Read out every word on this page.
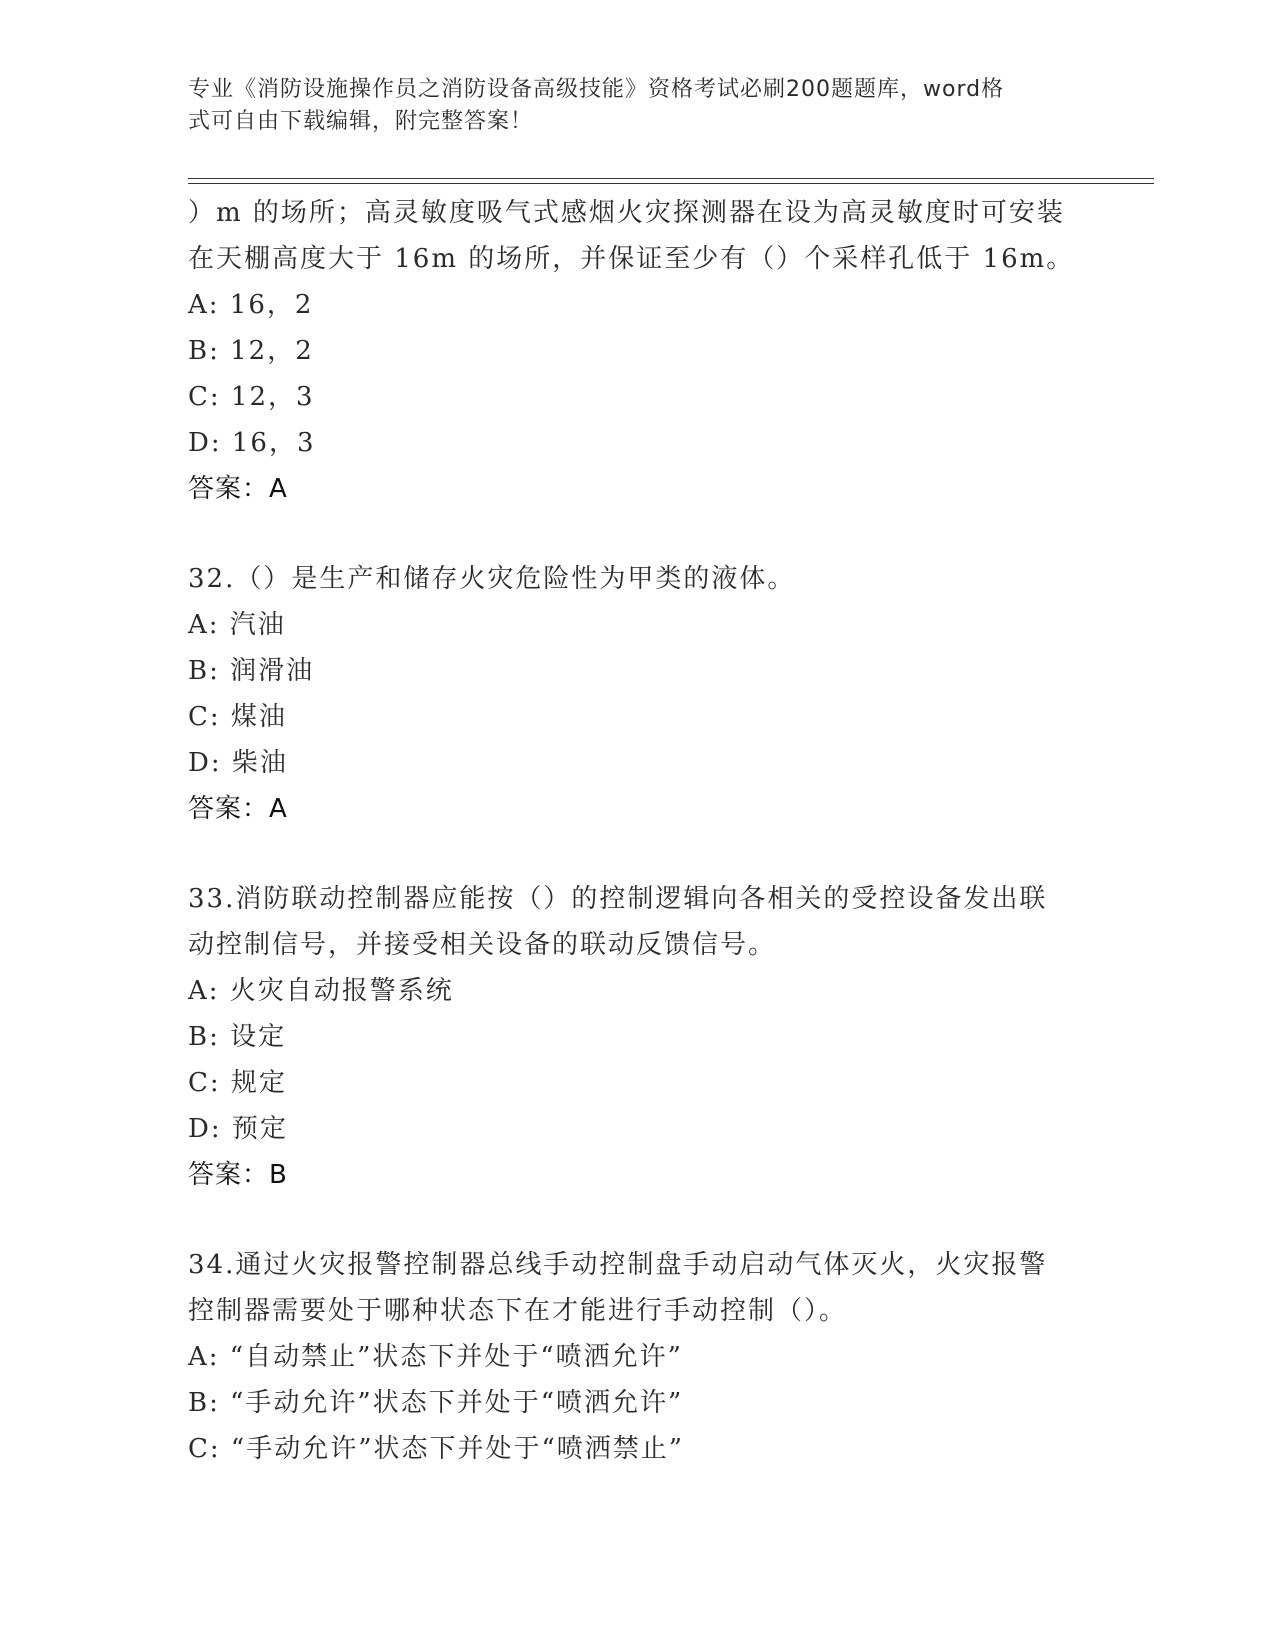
专业《消防设施操作员之消防设备高级技能》资格考试必刷200题题库，word格
式可自由下载编辑，附完整答案！
）m 的场所；高灵敏度吸气式感烟火灾探测器在设为高灵敏度时可安装
在天棚高度大于 16m 的场所，并保证至少有（）个采样孔低于 16m。
A: 16，2
B: 12，2
C: 12，3
D: 16，3
答案：A
32.（）是生产和储存火灾危险性为甲类的液体。
A: 汽油
B: 润滑油
C: 煤油
D: 柴油
答案：A
33.消防联动控制器应能按（）的控制逻辑向各相关的受控设备发出联
动控制信号，并接受相关设备的联动反馈信号。
A: 火灾自动报警系统
B: 设定
C: 规定
D: 预定
答案：B
34.通过火灾报警控制器总线手动控制盘手动启动气体灭火，火灾报警
控制器需要处于哪种状态下在才能进行手动控制（）。
A: “自动禁止”状态下并处于“喷洒允许”
B: “手动允许”状态下并处于“喷洒允许”
C: “手动允许”状态下并处于“喷洒禁止”
